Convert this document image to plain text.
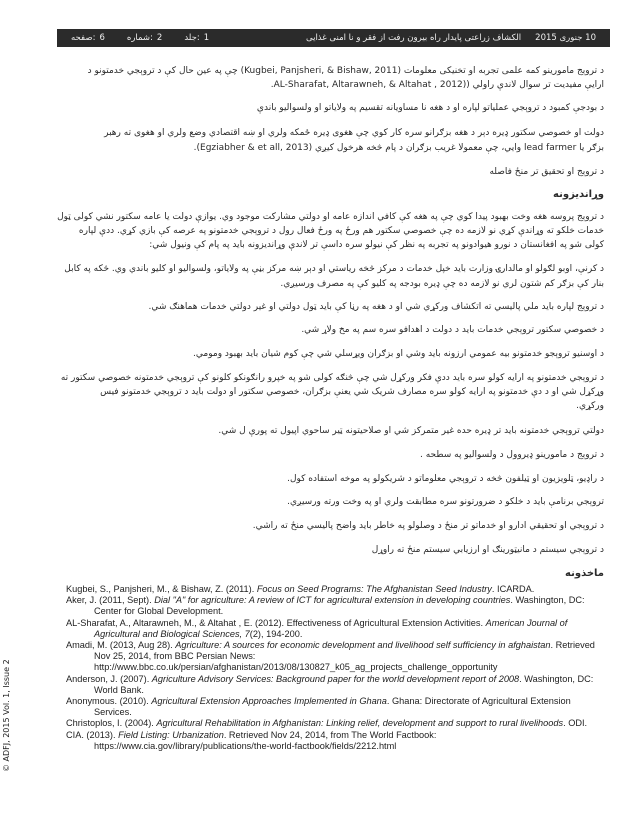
صفحه: 6	شماره: 2	جلد: 1	الکشاف زراعتی پایدار راه بیرون رفت از فقر و نا امنی غذایی 10 جنوری 2015
© ADFJ, 2015 Vol. 1, Issue 2
د تروېج مامورینو کمه علمی تجربه او تخنیکی معلومات (Kugbei, Panjsheri, & Bishaw, 2011) چې په عین حال کې د تروېجي خدمتونو د
ارایې مفیدیت تر سوال لاندې راولي ((AL-Sharafat, Altarawneh, & Altahat , 2012.
د بودجې کمبود د تروېجي عملیاتو لپاره او د هغه نا مساویانه تقسیم په ولایاتو او ولسوالیو باندې
دولت او خصوصي سکتور ډیره دېر د هغه بزګرانو سره کار کوي چې هغوی ډیره ځمکه ولري او ښه اقتصادي وضع ولري او هغوی ته رهبر
بزګر یا lead farmer وایي، چې معمولا غریب بزګران د پام څخه هرخول کیږي (Egziabher & et all, 2013).
د تروېج او تحقیق تر منځ فاصله
وړاندیزونه
د تروېج پروسه هغه وخت بهبود پیدا کوي چې په هغه کې کافي اندازه عامه او دولتي مشارکت موجود وي. یوازې دولت یا عامه سکتور نشي کولی ټول
خدمات خلکو ته وړاندې کړي نو لازمه ده چې خصوصي سکتور هم ورځ په ورځ فعال رول د تروېجي خدمتونو په عرصه کې بازي کړي. ددې لپاره
کولی شو په افغانستان د نورو هیوادونو په تجربه په نظر کې نیولو سره داسې تر لاندې وړاندیزونه باید په پام کې ونیول شي:
د کرنې، اوبو لګولو او مالدارۍ وزارت باید خپل خدمات د مرکز څخه ریاستي او دېر ښه مرکز بڼې په ولایاتو، ولسوالیو او کلیو باندي وي. څکه په کابل
بنار کې بزګر کم شتون لري نو لازمه ده چې ډیره بودجه په کلیو کې په مصرف ورسیږي.
د تروېج لپاره باید ملي پالیسي ته اتکشاف ورکړي شي او د هغه په رڼا کې باید ټول دولتي او غیر دولتي خدمات هماهنګ شي.
د خصوصي سکتور تروېجي خدمات باید د دولت د اهدافو سره سم په مخ ولاړ شي.
د اوسنیو تروېجو خدمتونو بیه عمومي ارزونه باید وشي او بزګران ویړسلي شي چې کوم شیان باید بهبود ومومي.
د تروېجي خدمتونو په ارایه کولو سره باید ددې فکر ورکړل شي چې څنګه کولی شو په خپرو رانګونکو کلونو کې تروېجي خدمتونه خصوصي سکتور ته
وړکړل شي او د دې خدمتونو په ارایه کولو سره مصارف شریک شي یعنې بزګران، خصوصي سکتور او دولت باید د تروېجي خدمتونو فیس
ورکړي.
دولتي تروېجي خدمتونه باید تر ډیره حده غیر متمرکز شي او صلاحیتونه ټیر ساحوي اپیول ته پورې ل شي.
د تروېج د مامورینو ډیروول د ولسوالیو په سطحه .
د راډیو، ټلویزیون او ټیلفون څخه د تروېجي معلوماتو د شریکولو په موخه استفاده کول.
تروېجي برنامې باید د خلکو د ضرورتونو سره مطابقت ولري او په وخت ورته ورسیږي.
د تروېجي او تحقیقي ادارو او خدماتو تر منځ د وصلولو په خاطر باید واضح پالیسي منځ ته راشي.
د تروېجي سیستم د مانیټورینګ او ارزیابي سیستم منځ ته راوړل
ماخذونه

Kugbei, S., Panjsheri, M., & Bishaw, Z. (2011). Focus on Seed Programs: The Afghanistan Seed Industry. ICARDA.

Aker, J. (2011, Sept). Dial "A" for agriculture: A review of ICT for agricultural extension in developing countries. Washington, DC: Center for Global Development.

AL-Sharafat, A., Altarawneh, M., & Altahat , E. (2012). Effectiveness of Agricultural Extension Activities. American Journal of Agricultural and Biological Sciences, 7(2), 194-200.

Amadi, M. (2013, Aug 28). Agriculture: A sources for economic development and livelihood self sufficiency in afghaistan. Retrieved Nov 25, 2014, from BBC Persian News: http://www.bbc.co.uk/persian/afghanistan/2013/08/130827_k05_ag_projects_challenge_opportunity

Anderson, J. (2007). Agriculture Advisory Services: Background paper for the world development report of 2008. Washington, DC: World Bank.

Anonymous. (2010). Agricultural Extension Approaches Implemented in Ghana. Ghana: Directorate of Agricultural Extension Services.

Christoplos, I. (2004). Agricultural Rehabilitation in Afghanistan: Linking relief, development and support to rural livelihoods. ODI.

CIA. (2013). Field Listing: Urbanization. Retrieved Nov 24, 2014, from The World Factbook: https://www.cia.gov/library/publications/the-world-factbook/fields/2212.html
